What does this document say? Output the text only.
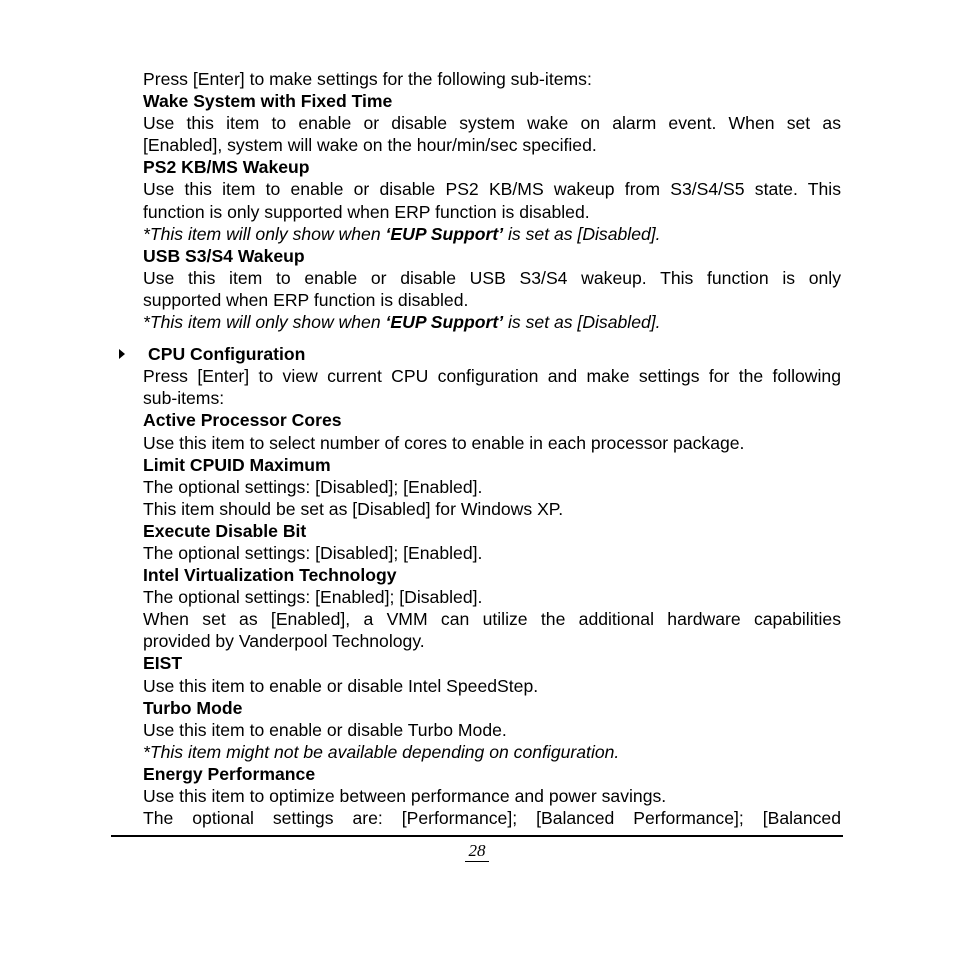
Press [Enter] to make settings for the following sub-items:
Wake System with Fixed Time
Use this item to enable or disable system wake on alarm event. When set as
[Enabled], system will wake on the hour/min/sec specified.
PS2 KB/MS Wakeup
Use this item to enable or disable PS2 KB/MS wakeup from S3/S4/S5 state. This
function is only supported when ERP function is disabled.
*This item will only show when ‘EUP Support’ is set as [Disabled].
USB S3/S4 Wakeup
Use this item to enable or disable USB S3/S4 wakeup. This function is only
supported when ERP function is disabled.
*This item will only show when ‘EUP Support’ is set as [Disabled].
CPU Configuration
Press [Enter] to view current CPU configuration and make settings for the following
sub-items:
Active Processor Cores
Use this item to select number of cores to enable in each processor package.
Limit CPUID Maximum
The optional settings: [Disabled]; [Enabled].
This item should be set as [Disabled] for Windows XP.
Execute Disable Bit
The optional settings: [Disabled]; [Enabled].
Intel Virtualization Technology
The optional settings: [Enabled]; [Disabled].
When set as [Enabled], a VMM can utilize the additional hardware capabilities
provided by Vanderpool Technology.
EIST
Use this item to enable or disable Intel SpeedStep.
Turbo Mode
Use this item to enable or disable Turbo Mode.
*This item might not be available depending on configuration.
Energy Performance
Use this item to optimize between performance and power savings.
The optional settings are: [Performance]; [Balanced Performance]; [Balanced
28
